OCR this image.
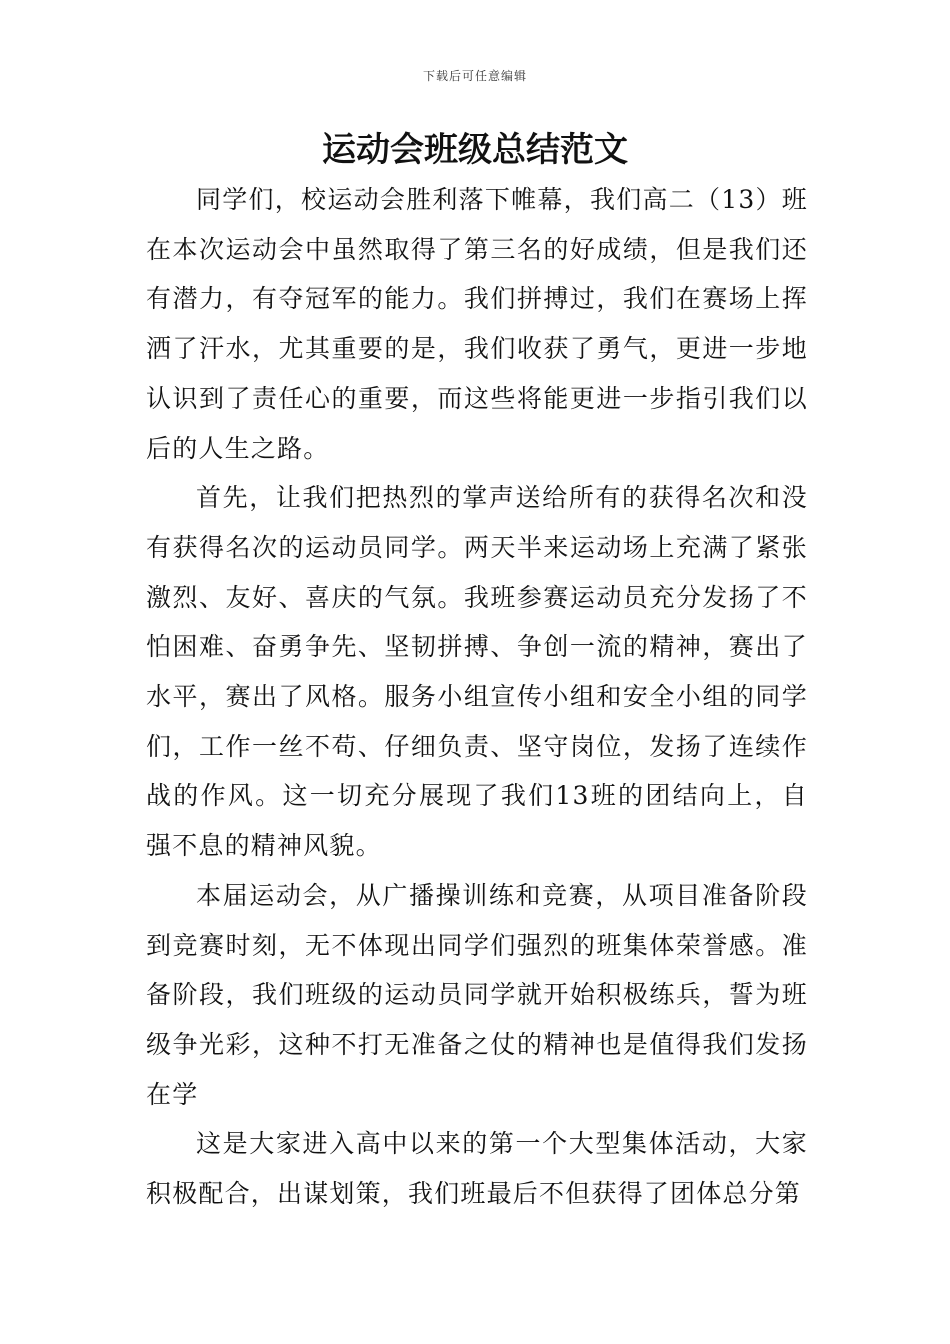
下载后可任意编辑
运动会班级总结范文

同学们，校运动会胜利落下帷幕，我们高二（13）班在本次运动会中虽然取得了第三名的好成绩，但是我们还有潜力，有夺冠军的能力。我们拼搏过，我们在赛场上挥洒了汗水，尤其重要的是，我们收获了勇气，更进一步地认识到了责任心的重要，而这些将能更进一步指引我们以后的人生之路。

首先，让我们把热烈的掌声送给所有的获得名次和没有获得名次的运动员同学。两天半来运动场上充满了紧张激烈、友好、喜庆的气氛。我班参赛运动员充分发扬了不怕困难、奋勇争先、坚韧拼搏、争创一流的精神，赛出了水平，赛出了风格。服务小组宣传小组和安全小组的同学们，工作一丝不苟、仔细负责、坚守岗位，发扬了连续作战的作风。这一切充分展现了我们13班的团结向上，自强不息的精神风貌。

本届运动会，从广播操训练和竞赛，从项目准备阶段到竞赛时刻，无不体现出同学们强烈的班集体荣誉感。准备阶段，我们班级的运动员同学就开始积极练兵，誓为班级争光彩，这种不打无准备之仗的精神也是值得我们发扬在学

这是大家进入高中以来的第一个大型集体活动，大家积极配合，出谋划策，我们班最后不但获得了团体总分第
